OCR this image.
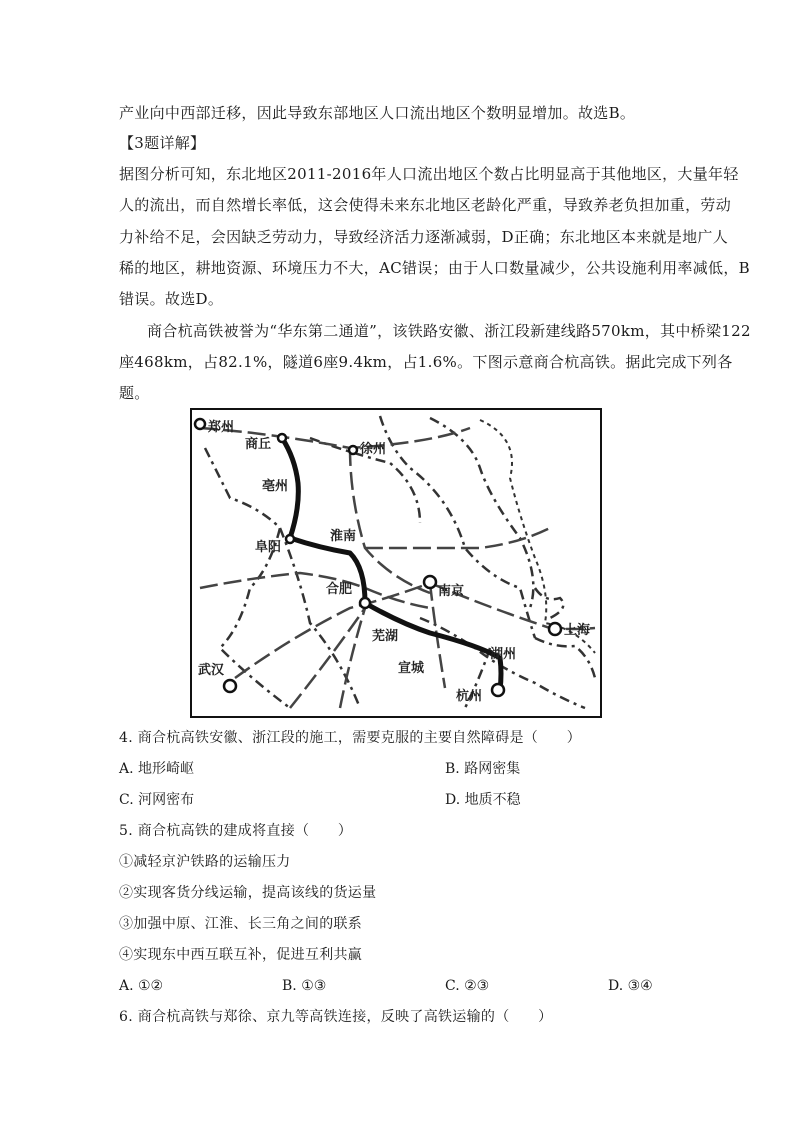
产业向中西部迁移，因此导致东部地区人口流出地区个数明显增加。故选B。
【3题详解】
据图分析可知，东北地区2011-2016年人口流出地区个数占比明显高于其他地区，大量年轻
人的流出，而自然增长率低，这会使得未来东北地区老龄化严重，导致养老负担加重，劳动
力补给不足，会因缺乏劳动力，导致经济活力逐渐减弱，D正确；东北地区本来就是地广人
稀的地区，耕地资源、环境压力不大，AC错误；由于人口数量减少，公共设施利用率减低，B
错误。故选D。
商合杭高铁被誉为“华东第二通道”，该铁路安徽、浙江段新建线路570km，其中桥梁122
座468km，占82.1%，隧道6座9.4km，占1.6%。下图示意商合杭高铁。据此完成下列各
题。
郑州
商丘	徐州
亳州
淮南
阜阳
合肥	南京
上海
芜湖
湖州
宣城
武汉
杭州
4. 商合杭高铁安徽、浙江段的施工，需要克服的主要自然障碍是（　　）
A. 地形崎岖	B. 路网密集
C. 河网密布	D. 地质不稳
5. 商合杭高铁的建成将直接（　　）
①减轻京沪铁路的运输压力
②实现客货分线运输，提高该线的货运量
③加强中原、江淮、长三角之间的联系
④实现东中西互联互补，促进互利共赢
A. ①②	B. ①③	C. ②③	D. ③④
6. 商合杭高铁与郑徐、京九等高铁连接，反映了高铁运输的（　　）
